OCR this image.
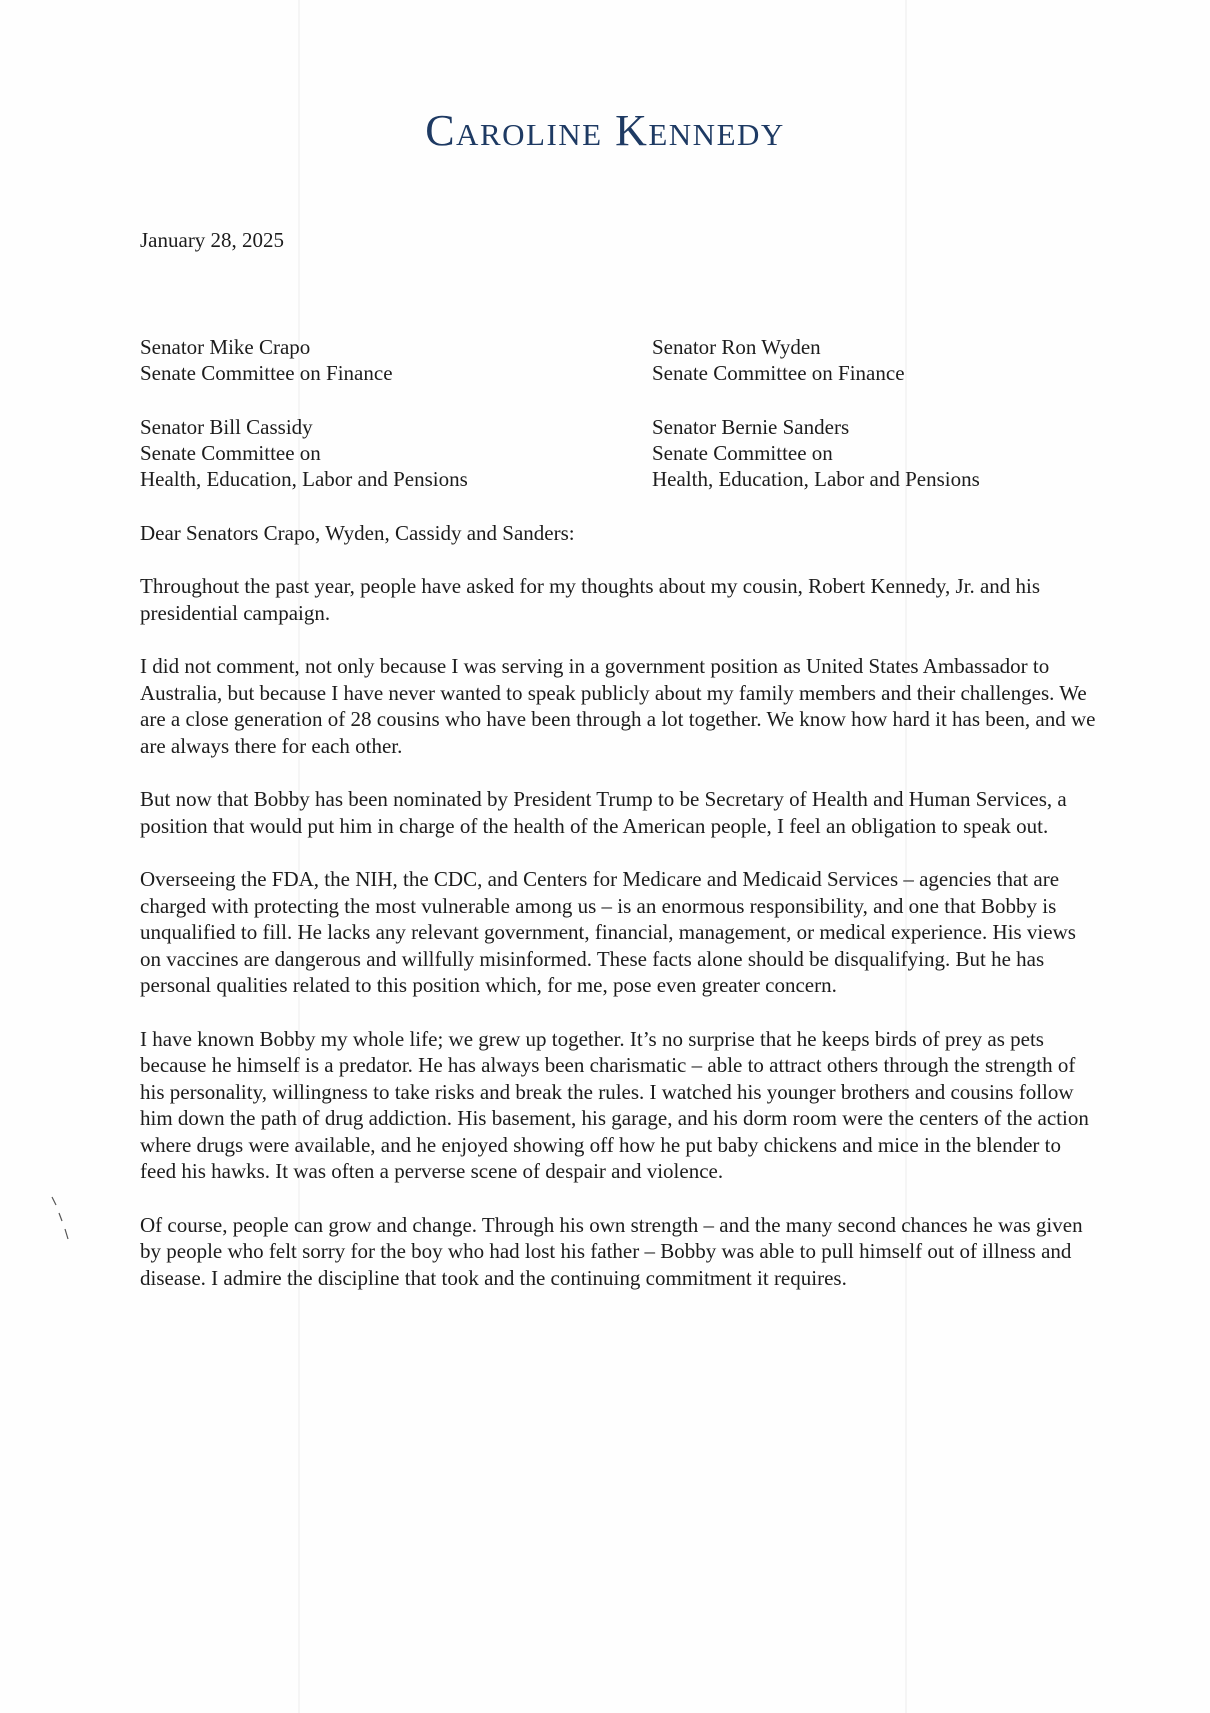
Caroline Kennedy
January 28, 2025
Senator Mike Crapo
Senate Committee on Finance
Senator Ron Wyden
Senate Committee on Finance
Senator Bill Cassidy
Senate Committee on
Health, Education, Labor and Pensions
Senator Bernie Sanders
Senate Committee on
Health, Education, Labor and Pensions
Dear Senators Crapo, Wyden, Cassidy and Sanders:

Throughout the past year, people have asked for my thoughts about my cousin, Robert Kennedy, Jr. and his presidential campaign.

I did not comment, not only because I was serving in a government position as United States Ambassador to Australia, but because I have never wanted to speak publicly about my family members and their challenges. We are a close generation of 28 cousins who have been through a lot together. We know how hard it has been, and we are always there for each other.

But now that Bobby has been nominated by President Trump to be Secretary of Health and Human Services, a position that would put him in charge of the health of the American people, I feel an obligation to speak out.

Overseeing the FDA, the NIH, the CDC, and Centers for Medicare and Medicaid Services – agencies that are charged with protecting the most vulnerable among us – is an enormous responsibility, and one that Bobby is unqualified to fill. He lacks any relevant government, financial, management, or medical experience. His views on vaccines are dangerous and willfully misinformed. These facts alone should be disqualifying. But he has personal qualities related to this position which, for me, pose even greater concern.

I have known Bobby my whole life; we grew up together. It’s no surprise that he keeps birds of prey as pets because he himself is a predator. He has always been charismatic – able to attract others through the strength of his personality, willingness to take risks and break the rules. I watched his younger brothers and cousins follow him down the path of drug addiction. His basement, his garage, and his dorm room were the centers of the action where drugs were available, and he enjoyed showing off how he put baby chickens and mice in the blender to feed his hawks. It was often a perverse scene of despair and violence.

Of course, people can grow and change. Through his own strength – and the many second chances he was given by people who felt sorry for the boy who had lost his father – Bobby was able to pull himself out of illness and disease. I admire the discipline that took and the continuing commitment it requires.
